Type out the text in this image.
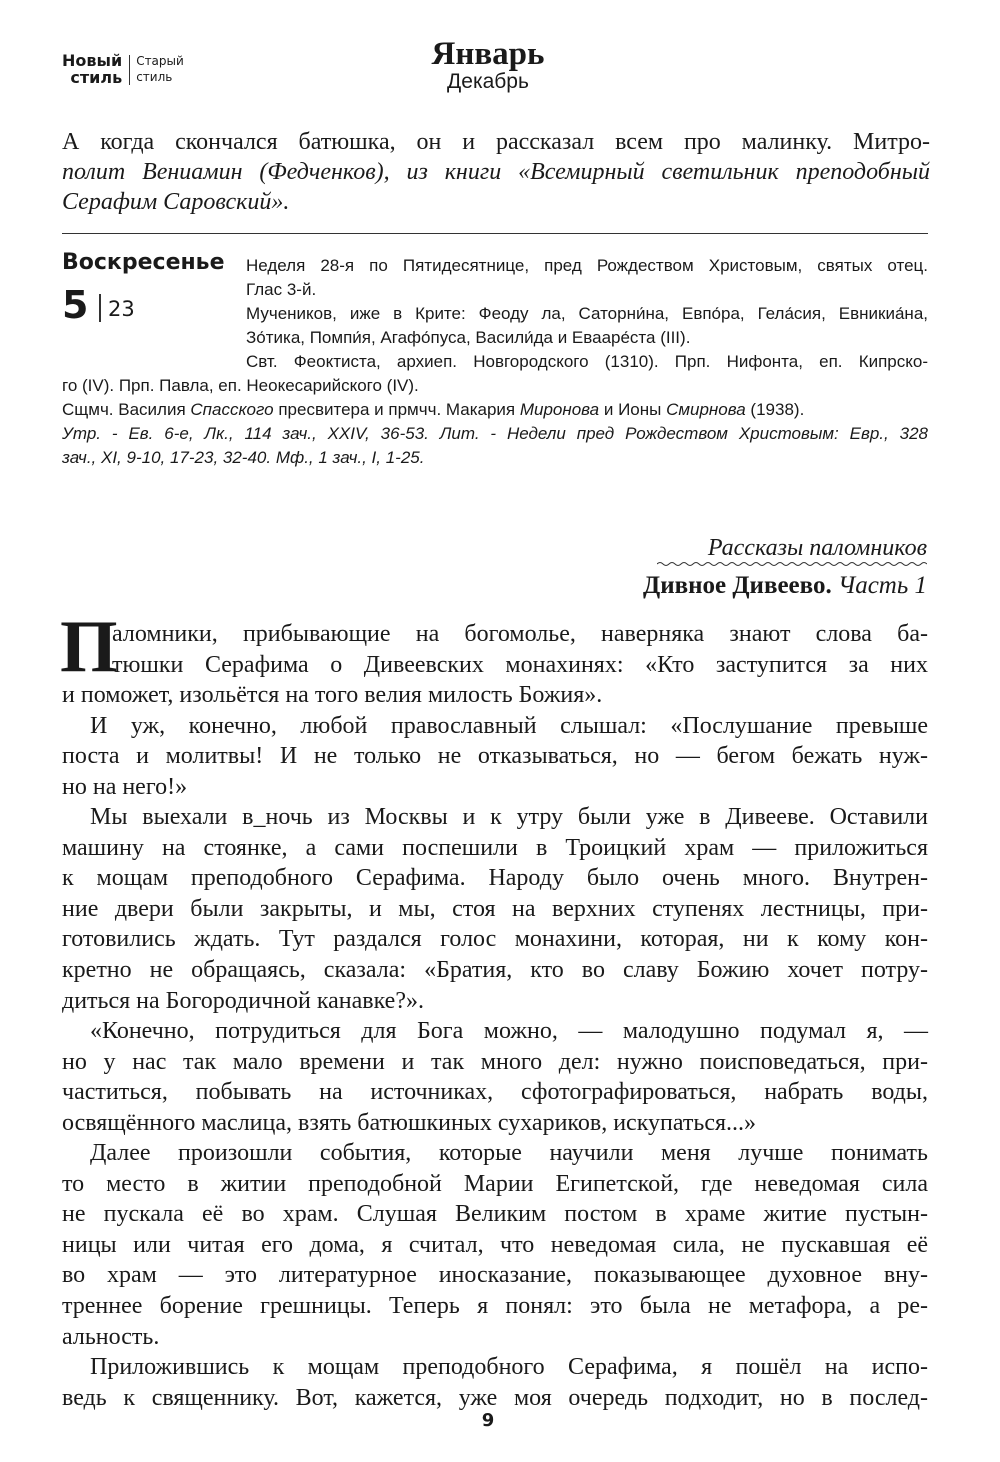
Новый
стиль
Старый
стиль
Январь
Декабрь
А когда скончался батюшка, он и рассказал всем про малинку. Митро-
полит Вениамин (Федченков), из книги «Всемирный светильник преподобный
Серафим Саровский».
Воскресенье
5 23
Неделя 28-я по Пятидесятнице, пред Рождеством Христовым, святых отец.
Глас 3-й.
Мучеников, иже в Крите: Феоду ла, Саторни́на, Евпо́ра, Гела́сия, Евникиа́на,
Зо́тика, Помпи́я, Агафо́пуса, Васили́да и Евааре́ста (III).
Свт. Феоктиста, архиеп. Новгородского (1310). Прп. Нифонта, еп. Кипрско-
го (IV). Прп. Павла, еп. Неокесарийского (IV).
Сщмч. Василия Спасского пресвитера и прмчч. Макария Миронова и Ионы Смирнова (1938).
Утр. - Ев. 6-е, Лк., 114 зач., XXIV, 36-53. Лит. - Недели пред Рождеством Христовым: Евр., 328
зач., XI, 9-10, 17-23, 32-40. Мф., 1 зач., I, 1-25.
Рассказы паломников
Дивное Дивеево. Часть 1
П
аломники, прибывающие на богомолье, наверняка знают слова ба-
тюшки Серафима о Дивеевских монахинях: «Кто заступится за них
и поможет, изольётся на того велия милость Божия».
И уж, конечно, любой православный слышал: «Послушание превыше
поста и молитвы! И не только не отказываться, но — бегом бежать нуж-
но на него!»
Мы выехали в_ночь из Москвы и к утру были уже в Дивееве. Оставили
машину на стоянке, а сами поспешили в Троицкий храм — приложиться
к мощам преподобного Серафима. Народу было очень много. Внутрен-
ние двери были закрыты, и мы, стоя на верхних ступенях лестницы, при-
готовились ждать. Тут раздался голос монахини, которая, ни к кому кон-
кретно не обращаясь, сказала: «Братия, кто во славу Божию хочет потру-
диться на Богородичной канавке?».
«Конечно, потрудиться для Бога можно, — малодушно подумал я, —
но у нас так мало времени и так много дел: нужно поисповедаться, при-
частиться, побывать на источниках, сфотографироваться, набрать воды,
освящённого маслица, взять батюшкиных сухариков, искупаться...»
Далее произошли события, которые научили меня лучше понимать
то место в житии преподобной Марии Египетской, где неведомая сила
не пускала её во храм. Слушая Великим постом в храме житие пустын-
ницы или читая его дома, я считал, что неведомая сила, не пускавшая её
во храм — это литературное иносказание, показывающее духовное вну-
треннее борение грешницы. Теперь я понял: это была не метафора, а ре-
альность.
Приложившись к мощам преподобного Серафима, я пошёл на испо-
ведь к священнику. Вот, кажется, уже моя очередь подходит, но в послед-
9
